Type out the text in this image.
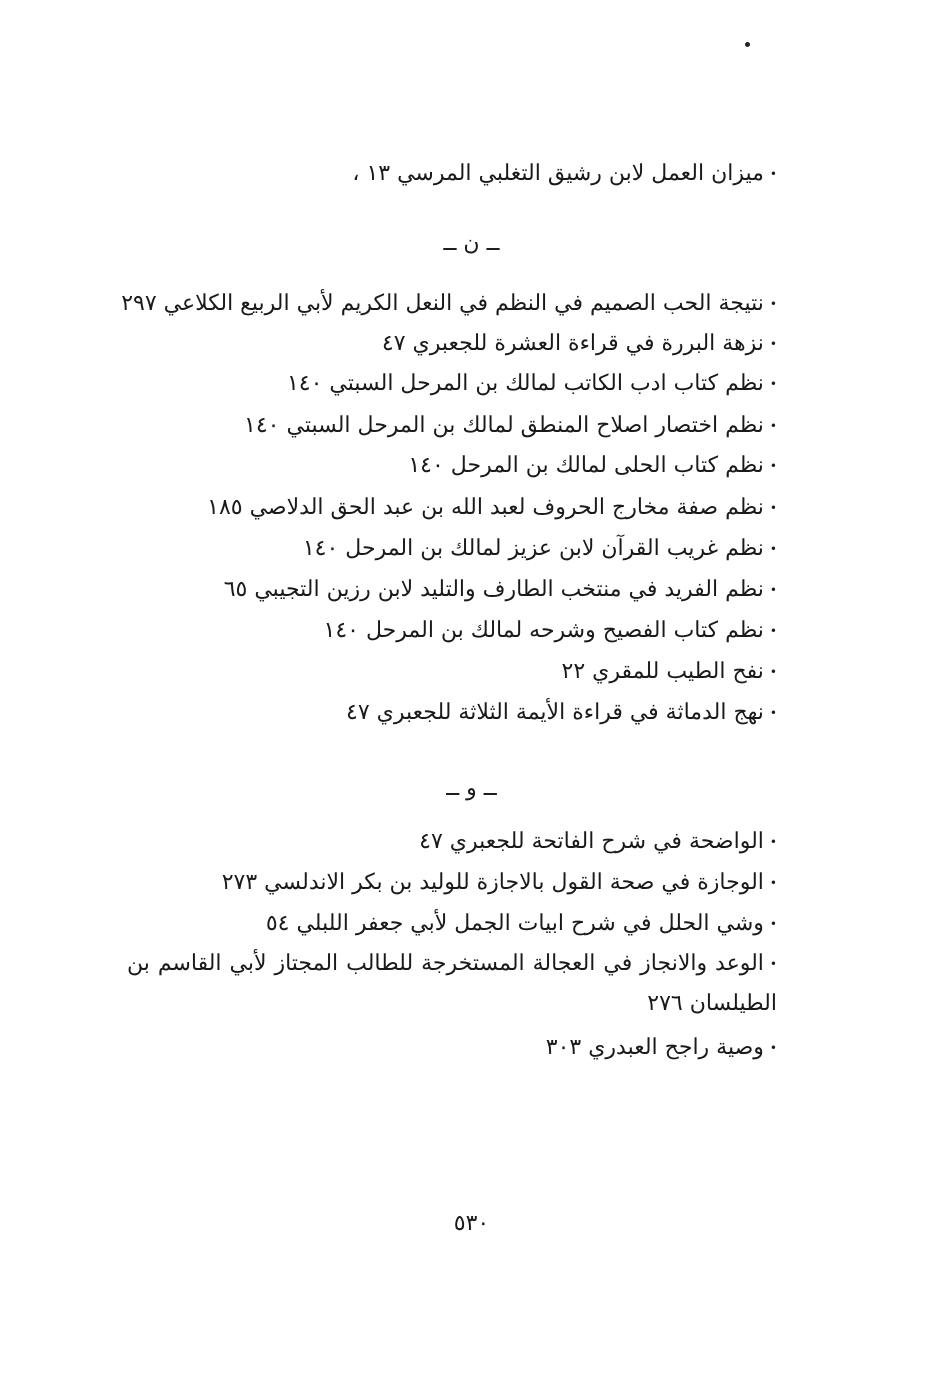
•ميزان العمل لابن رشيق التغلبي المرسي ١٣ ،
ــ ن ــ
•نتيجة الحب الصميم في النظم في النعل الكريم لأبي الربيع الكلاعي ٢٩٧
•نزهة البررة في قراءة العشرة للجعبري ٤٧
•نظم كتاب ادب الكاتب لمالك بن المرحل السبتي ١٤٠
•نظم اختصار اصلاح المنطق لمالك بن المرحل السبتي ١٤٠
•نظم كتاب الحلى لمالك بن المرحل ١٤٠
•نظم صفة مخارج الحروف لعبد الله بن عبد الحق الدلاصي ١٨٥
•نظم غريب القرآن لابن عزيز لمالك بن المرحل ١٤٠
•نظم الفريد في منتخب الطارف والتليد لابن رزين التجيبي ٦٥
•نظم كتاب الفصيح وشرحه لمالك بن المرحل ١٤٠
•نفح الطيب للمقري ٢٢
•نهج الدماثة في قراءة الأيمة الثلاثة للجعبري ٤٧
ــ و ــ
•الواضحة في شرح الفاتحة للجعبري ٤٧
•الوجازة في صحة القول بالاجازة للوليد بن بكر الاندلسي ٢٧٣
•وشي الحلل في شرح ابيات الجمل لأبي جعفر اللبلي ٥٤
•الوعد والانجاز في العجالة المستخرجة للطالب المجتاز لأبي القاسم بن الطيلسان ٢٧٦
•وصية راجح العبدري ٣٠٣
٥٣٠
